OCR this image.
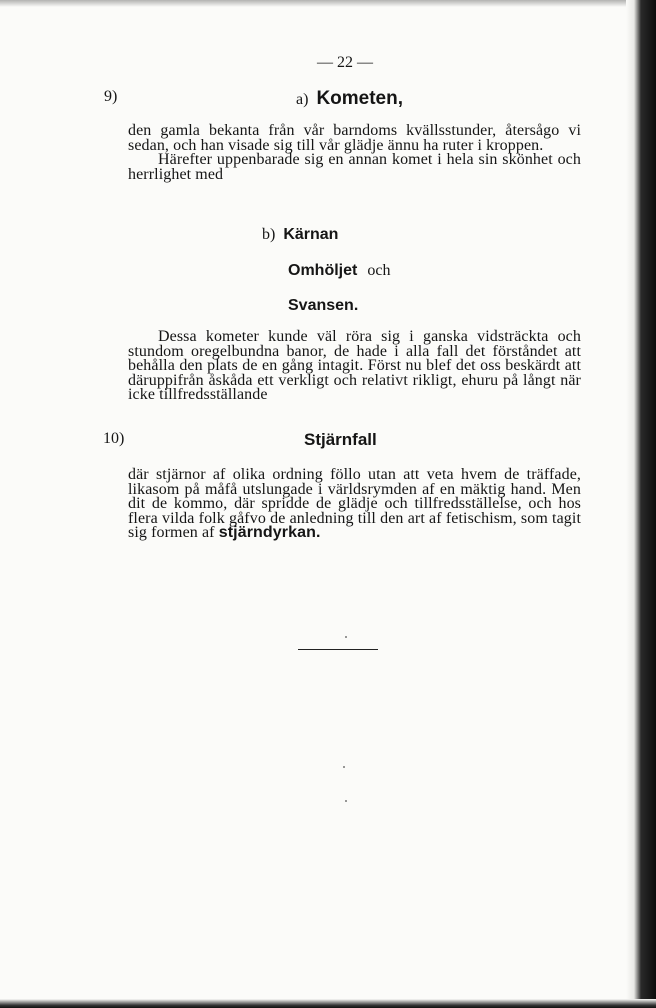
— 22 —
9)	a) Kometen,

den gamla bekanta från vår barndoms kvällsstunder, återsågo vi sedan, och han visade sig till vår glädje ännu ha ruter i kroppen.

Härefter uppenbarade sig en annan komet i hela sin skönhet och herrlighet med

b) Kärnan
Omhöljet och
Svansen.

Dessa kometer kunde väl röra sig i ganska vidsträckta och stundom oregelbundna banor, de hade i alla fall det förståndet att behålla den plats de en gång intagit. Först nu blef det oss beskärdt att däruppifrån åskåda ett verkligt och relativt rikligt, ehuru på långt när icke tillfredsställande

10)	Stjärnfall

där stjärnor af olika ordning föllo utan att veta hvem de träffade, likasom på måfå utslungade i världsrymden af en mäktig hand. Men dit de kommo, där spridde de glädje och tillfredsställelse, och hos flera vilda folk gåfvo de anledning till den art af fetischism, som tagit sig formen af stjärndyrkan.
